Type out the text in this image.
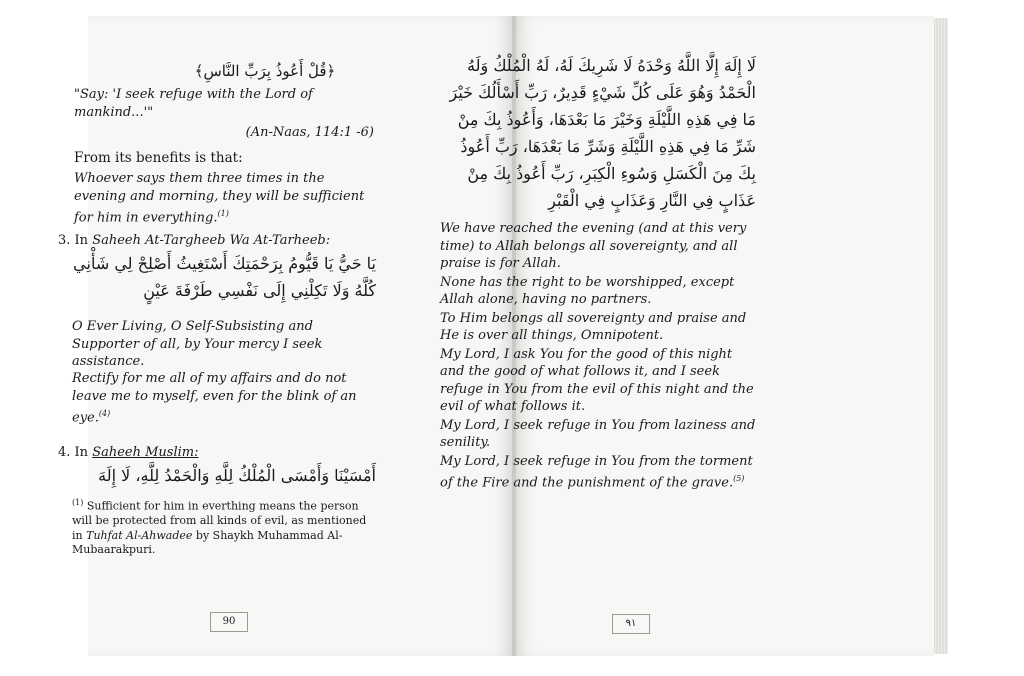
﴿قُلْ أَعُوذُ بِرَبِّ النَّاسِ﴾
"Say: 'I seek refuge with the Lord of mankind...'"
(An-Naas, 114:1 -6)
From its benefits is that:
Whoever says them three times in the evening and morning, they will be sufficient for him in everything.$^{(1)}$
3. In Saheeh At-Targheeb Wa At-Tarheeb:
يَا حَيُّ يَا قَيُّومُ بِرَحْمَتِكَ أَسْتَغِيثُ أَصْلِحْ لِي شَأْنِي كُلَّهُ وَلَا تَكِلْنِي إِلَى نَفْسِي طَرْفَةَ عَيْنٍ
O Ever Living, O Self-Subsisting and Supporter of all, by Your mercy I seek assistance.
Rectify for me all of my affairs and do not leave me to myself, even for the blink of an eye.$^{(4)}$
4. In Saheeh Muslim:
أَمْسَيْنَا وَأَمْسَى الْمُلْكُ لِلَّهِ وَالْحَمْدُ لِلَّهِ، لَا إِلَهَ
$^{(1)}$ Sufficient for him in everthing means the person will be protected from all kinds of evil, as mentioned in Tuhfat Al-Ahwadee by Shaykh Muhammad Al-Mubaarakpuri.
90
لَا إِلَهَ إِلَّا اللَّهُ وَحْدَهُ لَا شَرِيكَ لَهُ، لَهُ الْمُلْكُ وَلَهُ الْحَمْدُ وَهُوَ عَلَى كُلِّ شَيْءٍ قَدِيرٌ، رَبِّ أَسْأَلُكَ خَيْرَ مَا فِي هَذِهِ اللَّيْلَةِ وَخَيْرَ مَا بَعْدَهَا، وَأَعُوذُ بِكَ مِنْ شَرِّ مَا فِي هَذِهِ اللَّيْلَةِ وَشَرِّ مَا بَعْدَهَا، رَبِّ أَعُوذُ بِكَ مِنَ الْكَسَلِ وَسُوءِ الْكِبَرِ، رَبِّ أَعُوذُ بِكَ مِنْ عَذَابٍ فِي النَّارِ وَعَذَابٍ فِي الْقَبْرِ

We have reached the evening (and at this very time) to Allah belongs all sovereignty, and all praise is for Allah.

None has the right to be worshipped, except Allah alone, having no partners.

To Him belongs all sovereignty and praise and He is over all things, Omnipotent.

My Lord, I ask You for the good of this night and the good of what follows it, and I seek refuge in You from the evil of this night and the evil of what follows it.

My Lord, I seek refuge in You from laziness and senility.

My Lord, I seek refuge in You from the torment of the Fire and the punishment of the grave.$^{(5)}$

٩١
